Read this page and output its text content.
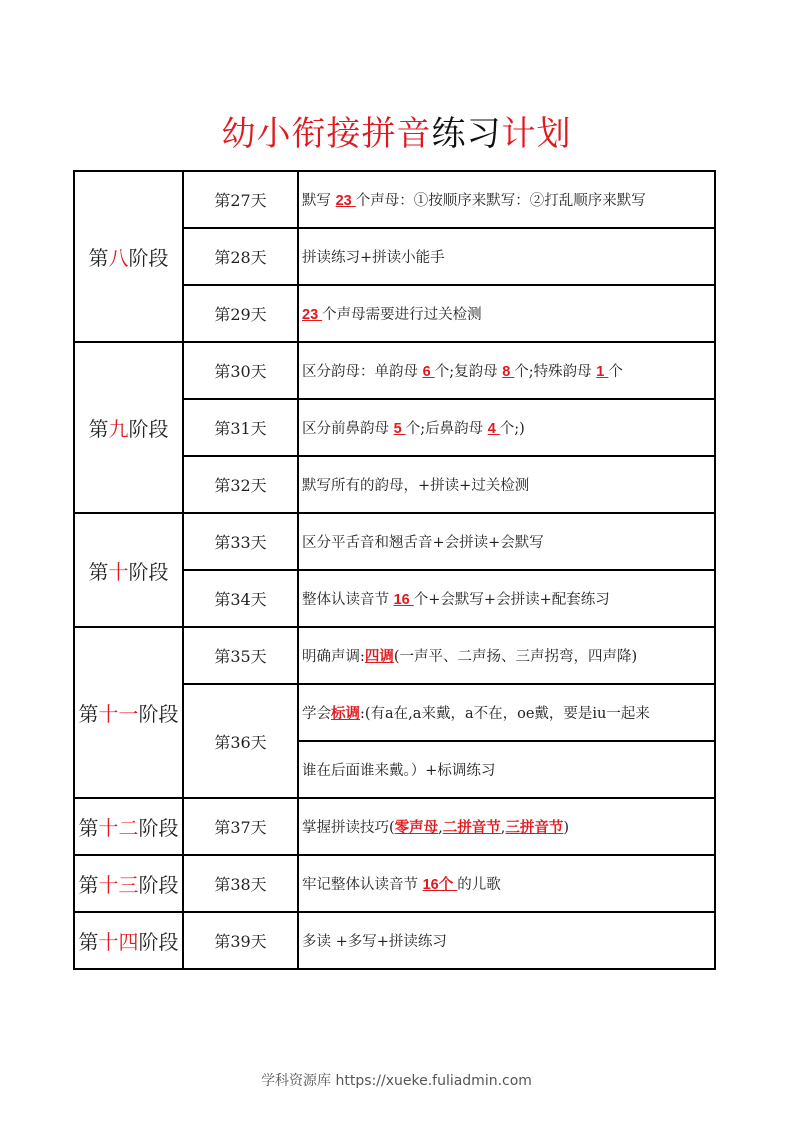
幼小衔接拼音练习计划
第八阶段	第27天	默写 23 个声母：①按顺序来默写：②打乱顺序来默写
	第28天	拼读练习+拼读小能手
	第29天	23 个声母需要进行过关检测
第九阶段	第30天	区分韵母：单韵母 6 个;复韵母 8 个;特殊韵母 1 个
	第31天	区分前鼻韵母 5 个;后鼻韵母 4 个;)
	第32天	默写所有的韵母，+拼读+过关检测
第十阶段	第33天	区分平舌音和翘舌音+会拼读+会默写
	第34天	整体认读音节 16 个+会默写+会拼读+配套练习
第十一阶段	第35天	明确声调:四调(一声平、二声扬、三声拐弯，四声降)
	第36天	学会标调:(有a在,a来戴，a不在，oe戴，要是iu一起来
		谁在后面谁来戴。）+标调练习
第十二阶段	第37天	掌握拼读技巧(零声母,二拼音节,三拼音节)
第十三阶段	第38天	牢记整体认读音节 16个 的儿歌
第十四阶段	第39天	多读 +多写+拼读练习
学科资源库 https://xueke.fuliadmin.com
